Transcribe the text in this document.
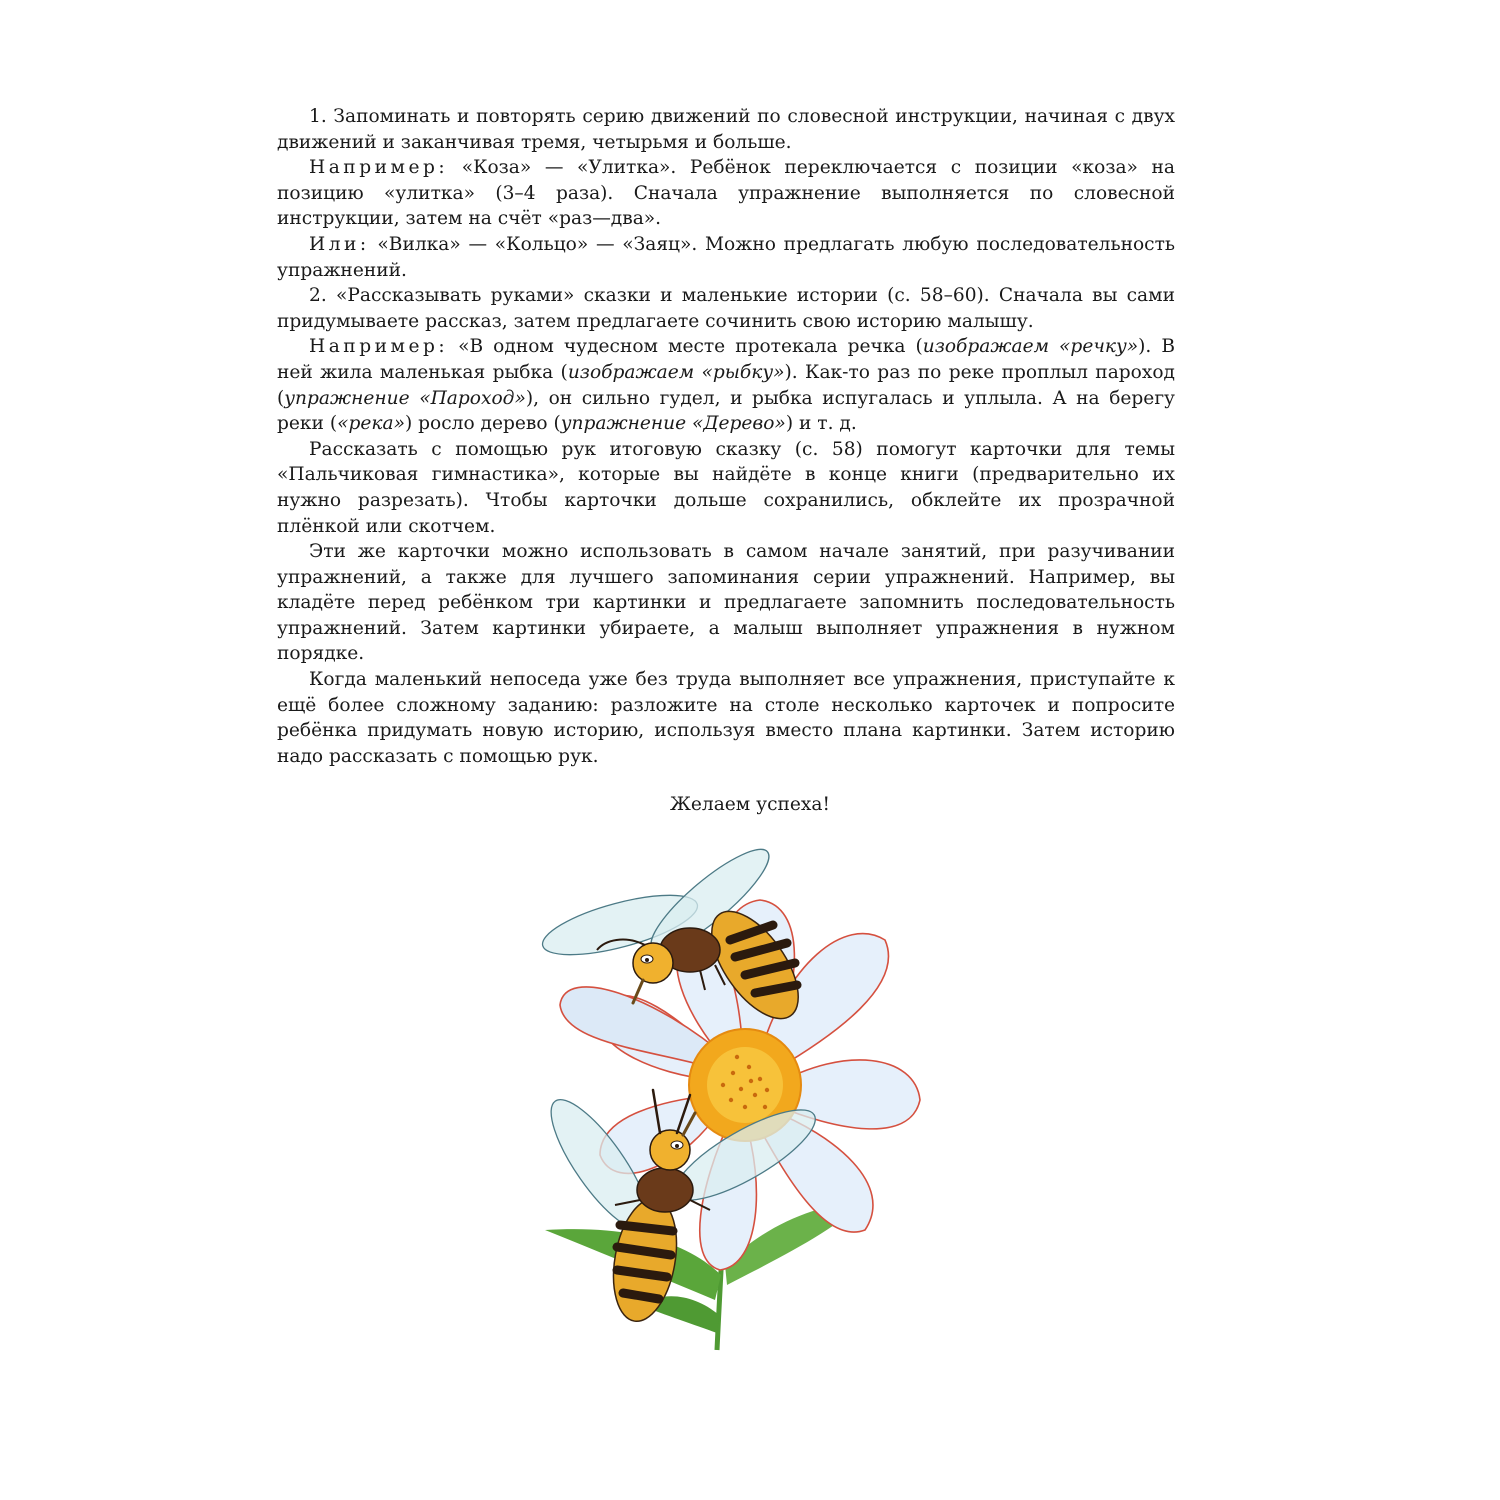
1. Запоминать и повторять серию движений по словесной инструкции, начиная с двух движений и заканчивая тремя, четырьмя и больше.

Например: «Коза» — «Улитка». Ребёнок переключается с позиции «коза» на позицию «улитка» (3–4 раза). Сначала упражнение выполняется по словесной инструкции, затем на счёт «раз—два».

Или: «Вилка» — «Кольцо» — «Заяц». Можно предлагать любую последовательность упражнений.

2. «Рассказывать руками» сказки и маленькие истории (с. 58–60). Сначала вы сами придумываете рассказ, затем предлагаете сочинить свою историю малышу.

Например: «В одном чудесном месте протекала речка (изображаем «речку»). В ней жила маленькая рыбка (изображаем «рыбку»). Как-то раз по реке проплыл пароход (упражнение «Пароход»), он сильно гудел, и рыбка испугалась и уплыла. А на берегу реки («река») росло дерево (упражнение «Дерево») и т. д.

Рассказать с помощью рук итоговую сказку (с. 58) помогут карточки для темы «Пальчиковая гимнастика», которые вы найдёте в конце книги (предварительно их нужно разрезать). Чтобы карточки дольше сохранились, обклейте их прозрачной плёнкой или скотчем.

Эти же карточки можно использовать в самом начале занятий, при разучивании упражнений, а также для лучшего запоминания серии упражнений. Например, вы кладёте перед ребёнком три картинки и предлагаете запомнить последовательность упражнений. Затем картинки убираете, а малыш выполняет упражнения в нужном порядке.

Когда маленький непоседа уже без труда выполняет все упражнения, приступайте к ещё более сложному заданию: разложите на столе несколько карточек и попросите ребёнка придумать новую историю, используя вместо плана картинки. Затем историю надо рассказать с помощью рук.

Желаем успеха!
